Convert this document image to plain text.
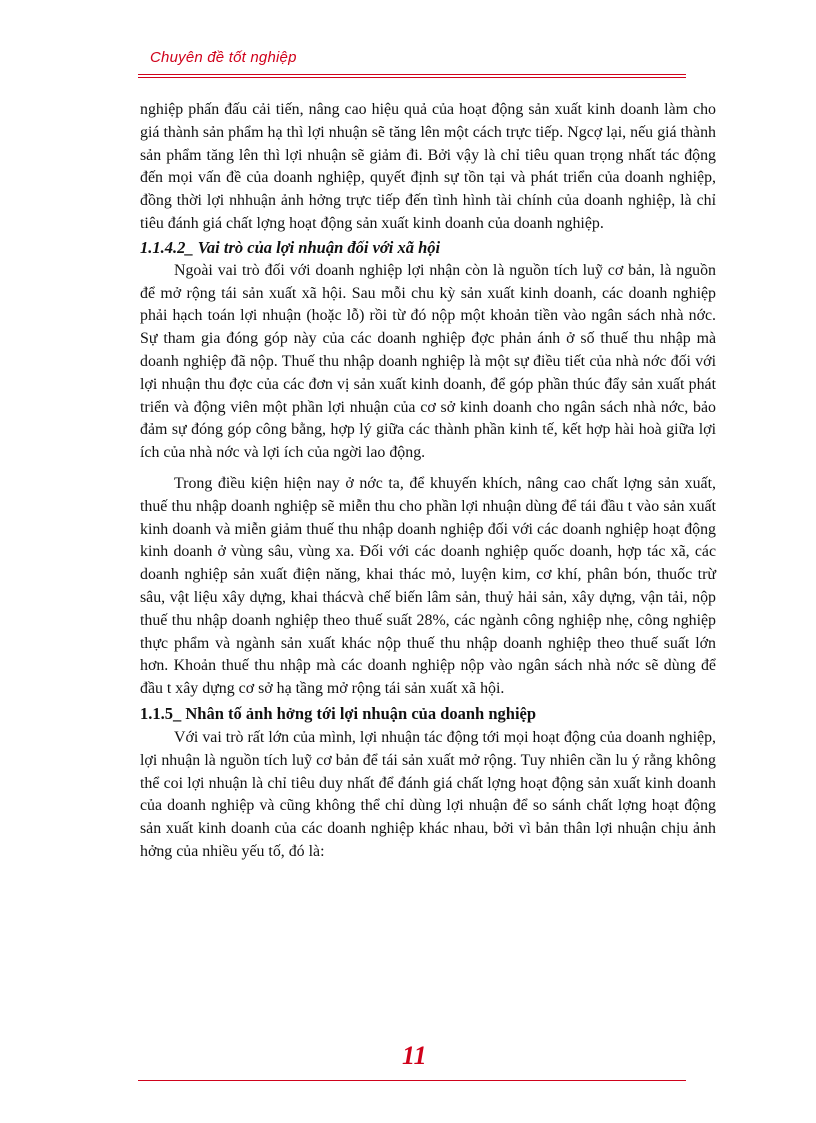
Chuyên đề tốt nghiệp

nghiệp phấn đấu cải tiến, nâng cao hiệu quả của hoạt động sản xuất kinh doanh làm cho giá thành sản phẩm hạ thì lợi nhuận sẽ tăng lên một cách trực tiếp. Ngcợ lại, nếu giá thành sản phẩm tăng lên thì lợi nhuận sẽ giảm đi. Bởi vậy là chỉ tiêu quan trọng nhất tác động đến mọi vấn đề của doanh nghiệp, quyết định sự tồn tại và phát triển của doanh nghiệp, đồng thời lợi nhhuận ảnh hởng trực tiếp đến tình hình tài chính của doanh nghiệp, là chỉ tiêu đánh giá chất lợng hoạt động sản xuất kinh doanh của doanh nghiệp.

1.1.4.2_ Vai trò của lợi nhuận đối với xã hội

Ngoài vai trò đối với doanh nghiệp lợi nhận còn là nguồn tích luỹ cơ bản, là nguồn để mở rộng tái sản xuất xã hội. Sau mỗi chu kỳ sản xuất kinh doanh, các doanh nghiệp phải hạch toán lợi nhuận (hoặc lỗ) rồi từ đó nộp một khoản tiền vào ngân sách nhà nớc. Sự tham gia đóng góp này của các doanh nghiệp đợc phản ánh ở số thuế thu nhập mà doanh nghiệp đã nộp. Thuế thu nhập doanh nghiệp là một sự điều tiết của nhà nớc đối với lợi nhuận thu đợc của các đơn vị sản xuất kinh doanh, để góp phần thúc đẩy sản xuất phát triển và động viên một phần lợi nhuận của cơ sở kinh doanh cho ngân sách nhà nớc, bảo đảm sự đóng góp công bằng, hợp lý giữa các thành phần kinh tế, kết hợp hài hoà giữa lợi ích của nhà nớc và lợi ích của ngời lao động.

Trong điều kiện hiện nay ở nớc ta, để khuyến khích, nâng cao chất lợng sản xuất, thuế thu nhập doanh nghiệp sẽ miễn thu cho phần lợi nhuận dùng để tái đầu t vào sản xuất kinh doanh và miễn giảm thuế thu nhập doanh nghiệp đối với các doanh nghiệp hoạt động kinh doanh ở vùng sâu, vùng xa. Đối với các doanh nghiệp quốc doanh, hợp tác xã, các doanh nghiệp sản xuất điện năng, khai thác mỏ, luyện kim, cơ khí, phân bón, thuốc trừ sâu, vật liệu xây dựng, khai thácvà chế biến lâm sản, thuỷ hải sản, xây dựng, vận tải, nộp thuế thu nhập doanh nghiệp theo thuế suất 28%, các ngành công nghiệp nhẹ, công nghiệp thực phẩm và ngành sản xuất khác nộp thuế thu nhập doanh nghiệp theo thuế suất lớn hơn. Khoản thuế thu nhập mà các doanh nghiệp nộp vào ngân sách nhà nớc sẽ dùng để đầu t xây dựng cơ sở hạ tầng mở rộng tái sản xuất xã hội.

1.1.5_ Nhân tố ảnh hởng tới lợi nhuận của doanh nghiệp

Với vai trò rất lớn của mình, lợi nhuận tác động tới mọi hoạt động của doanh nghiệp, lợi nhuận là nguồn tích luỹ cơ bản để tái sản xuất mở rộng. Tuy nhiên cần lu ý rằng không thể coi lợi nhuận là chỉ tiêu duy nhất để đánh giá chất lợng hoạt động sản xuất kinh doanh của doanh nghiệp và cũng không thể chỉ dùng lợi nhuận để so sánh chất lợng hoạt động sản xuất kinh doanh của các doanh nghiệp khác nhau, bởi vì bản thân lợi nhuận chịu ảnh hởng của nhiều yếu tố, đó là:

11
